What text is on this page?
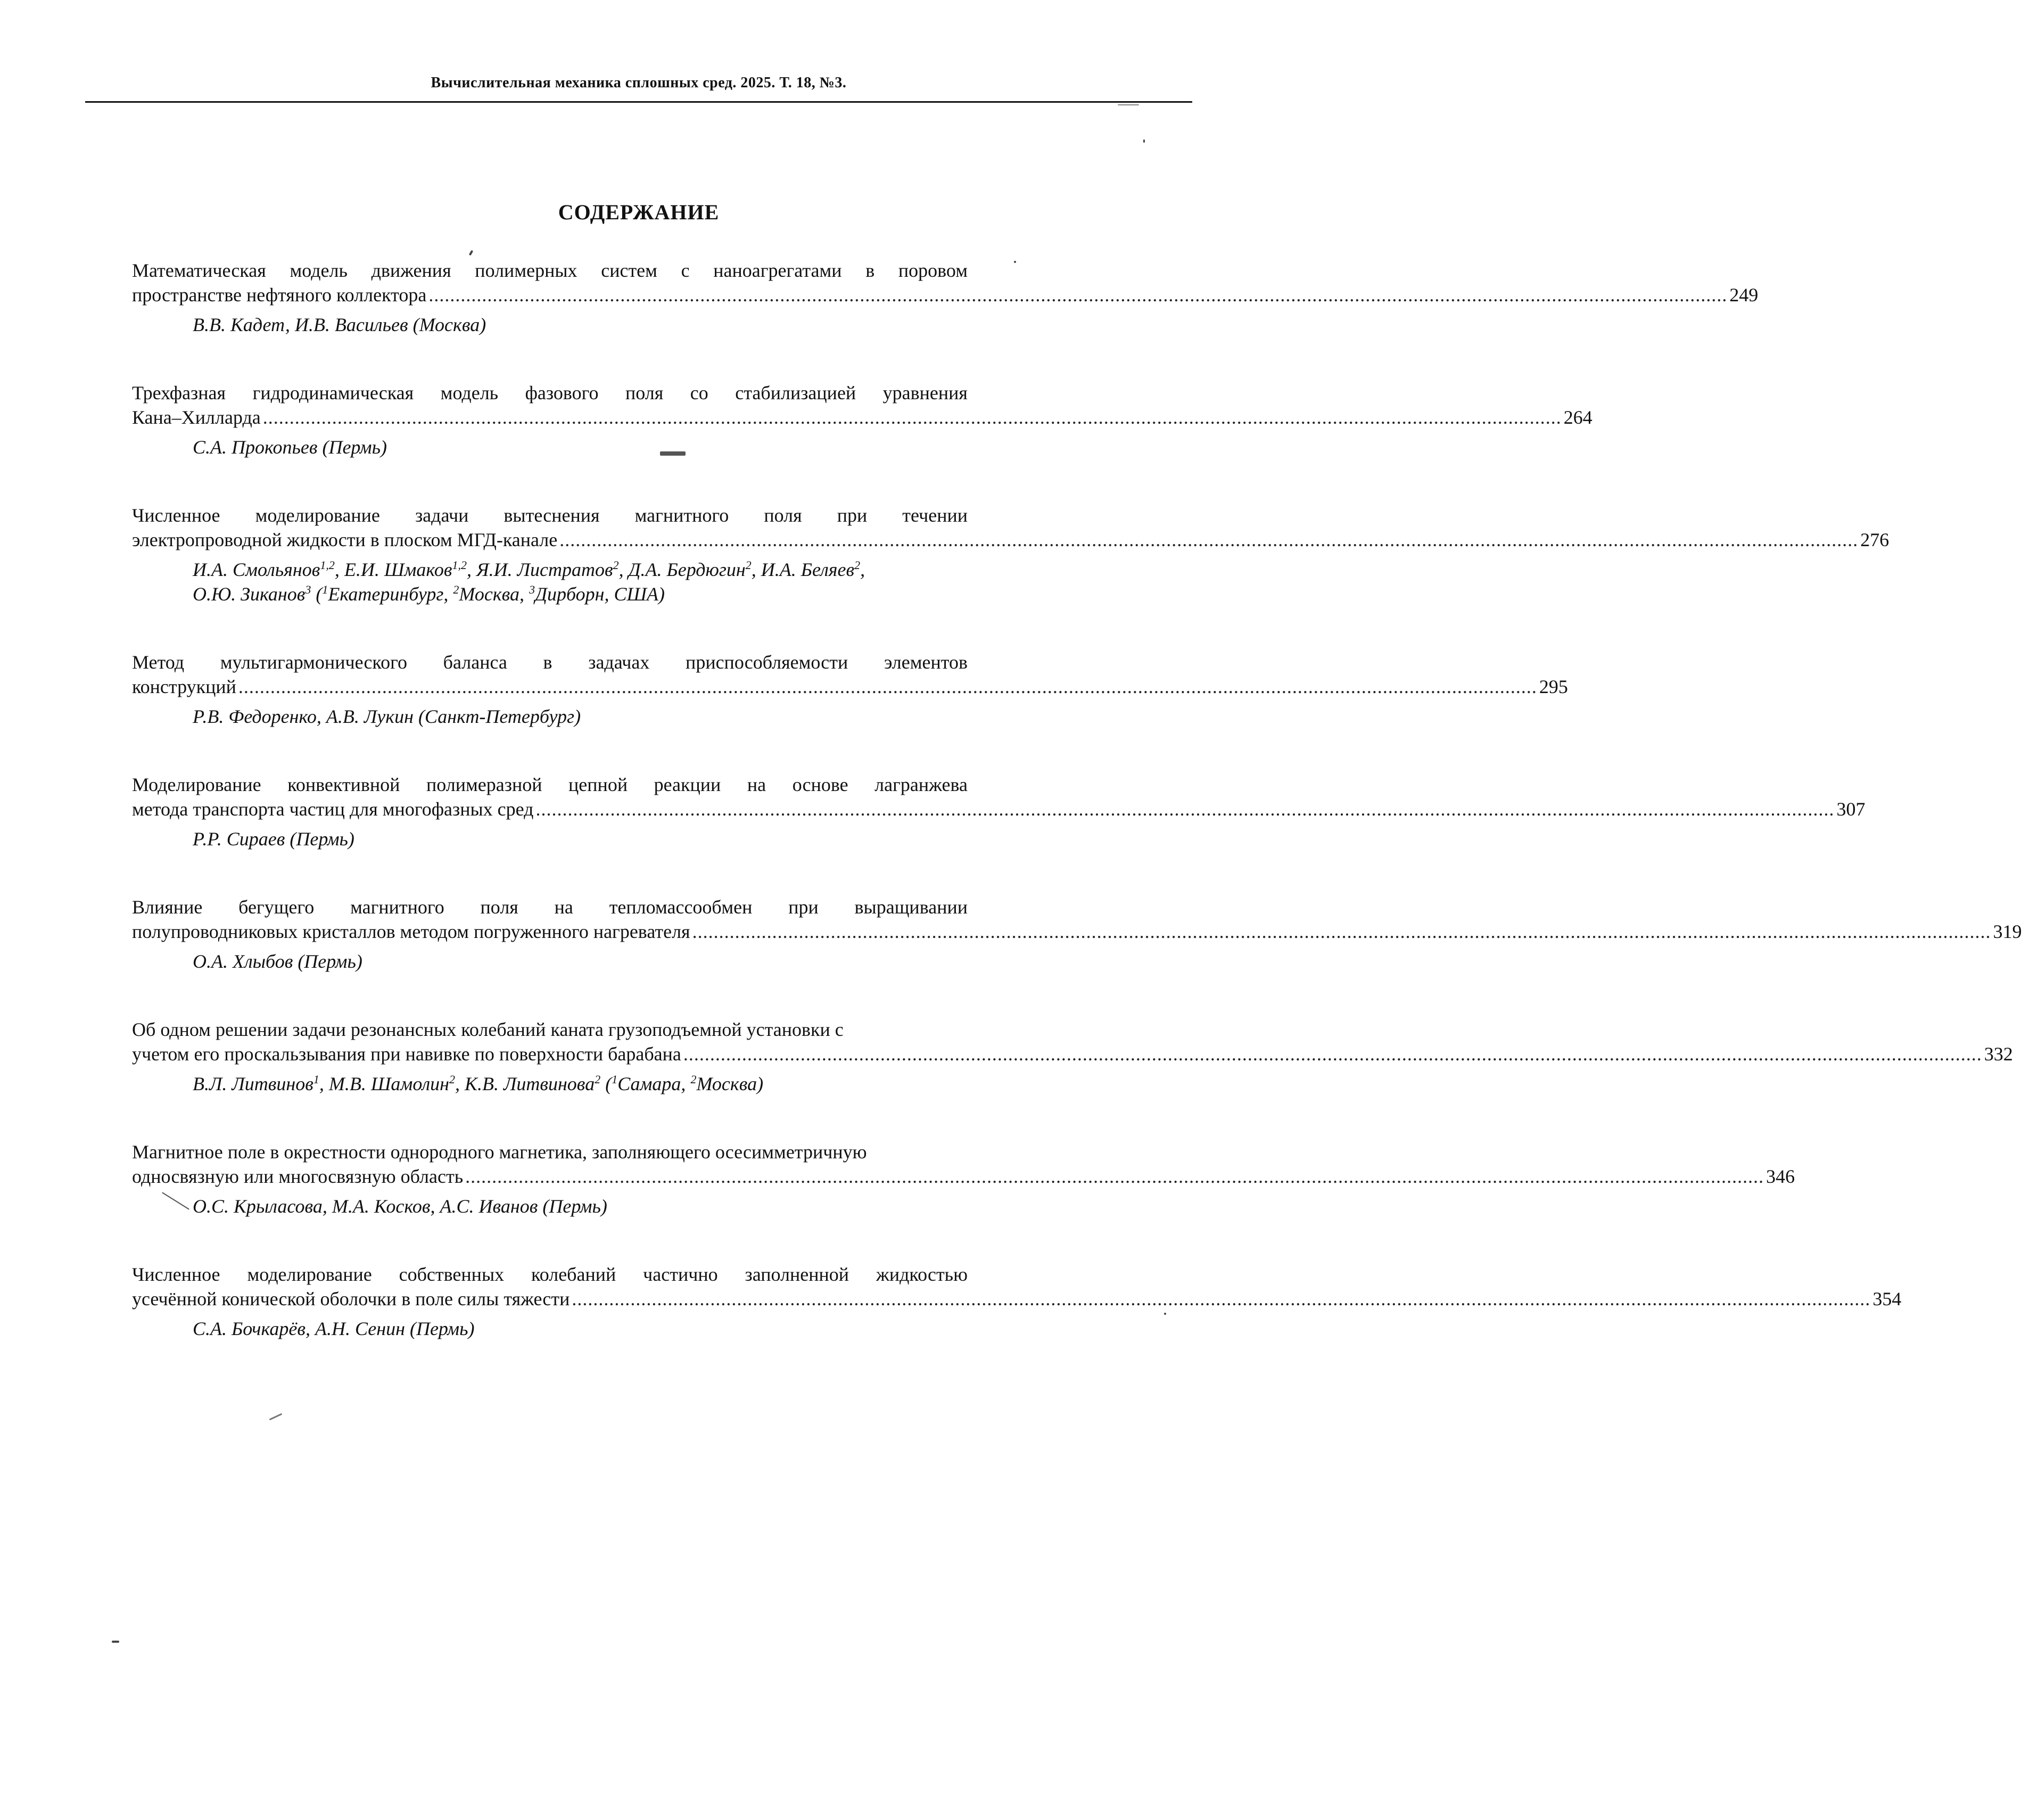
Вычислительная механика сплошных сред. 2025. Т. 18, №3.
СОДЕРЖАНИЕ
Математическая модель движения полимерных систем с наноагрегатами в поровом
пространстве нефтяного коллектора .................................................................................................................................................................................................................................................... 249
В.В. Кадет, И.В. Васильев (Москва)
Трехфазная гидродинамическая модель фазового поля со стабилизацией уравнения
Кана–Хилларда .................................................................................................................................................................................................................................................... 264
С.А. Прокопьев (Пермь)
Численное моделирование задачи вытеснения магнитного поля при течении
электропроводной жидкости в плоском МГД-канале .................................................................................................................................................................................................................................................... 276
И.А. Смольянов$^{1,2}$, Е.И. Шмаков$^{1,2}$, Я.И. Листратов$^2$, Д.А. Бердюгин$^2$, И.А. Беляев$^2$,
О.Ю. Зиканов$^3$ ($^1$Екатеринбург, $^2$Москва, $^3$Дирборн, США)
Метод мультигармонического баланса в задачах приспособляемости элементов
конструкций .................................................................................................................................................................................................................................................... 295
Р.В. Федоренко, А.В. Лукин (Санкт-Петербург)
Моделирование конвективной полимеразной цепной реакции на основе лагранжева
метода транспорта частиц для многофазных сред .................................................................................................................................................................................................................................................... 307
Р.Р. Сираев (Пермь)
Влияние бегущего магнитного поля на тепломассообмен при выращивании
полупроводниковых кристаллов методом погруженного нагревателя .................................................................................................................................................................................................................................................... 319
О.А. Хлыбов (Пермь)
Об одном решении задачи резонансных колебаний каната грузоподъемной установки с
учетом его проскальзывания при навивке по поверхности барабана .................................................................................................................................................................................................................................................... 332
В.Л. Литвинов$^1$, М.В. Шамолин$^2$, К.В. Литвинова$^2$ ($^1$Самара, $^2$Москва)
Магнитное поле в окрестности однородного магнетика, заполняющего осесимметричную
односвязную или многосвязную область .................................................................................................................................................................................................................................................... 346
О.С. Крыласова, М.А. Косков, А.С. Иванов (Пермь)
Численное моделирование собственных колебаний частично заполненной жидкостью
усечённой конической оболочки в поле силы тяжести .................................................................................................................................................................................................................................................... 354
С.А. Бочкарёв, А.Н. Сенин (Пермь)
